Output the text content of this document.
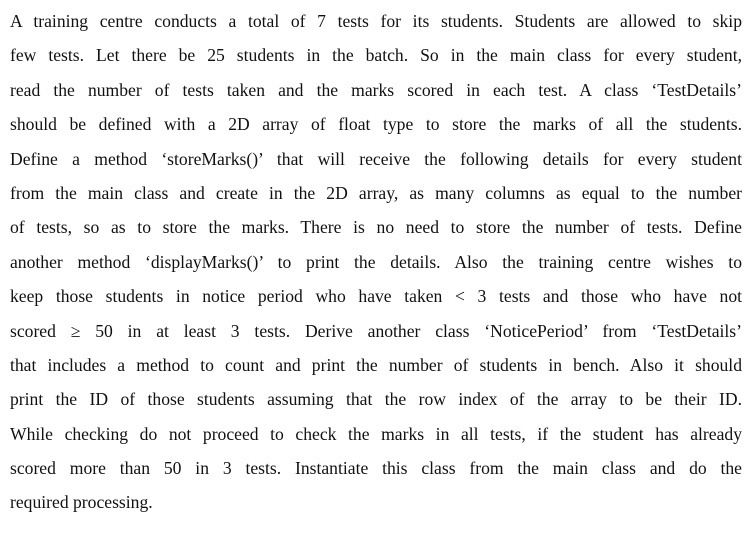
A training centre conducts a total of 7 tests for its students. Students are allowed to skip
few tests. Let there be 25 students in the batch. So in the main class for every student,
read the number of tests taken and the marks scored in each test. A class ‘TestDetails’
should be defined with a 2D array of float type to store the marks of all the students.
Define a method ‘storeMarks()’ that will receive the following details for every student
from the main class and create in the 2D array, as many columns as equal to the number
of tests, so as to store the marks. There is no need to store the number of tests. Define
another method ‘displayMarks()’ to print the details. Also the training centre wishes to
keep those students in notice period who have taken < 3 tests and those who have not
scored ≥ 50 in at least 3 tests. Derive another class ‘NoticePeriod’ from ‘TestDetails’
that includes a method to count and print the number of students in bench. Also it should
print the ID of those students assuming that the row index of the array to be their ID.
While checking do not proceed to check the marks in all tests, if the student has already
scored more than 50 in 3 tests. Instantiate this class from the main class and do the
required processing.
